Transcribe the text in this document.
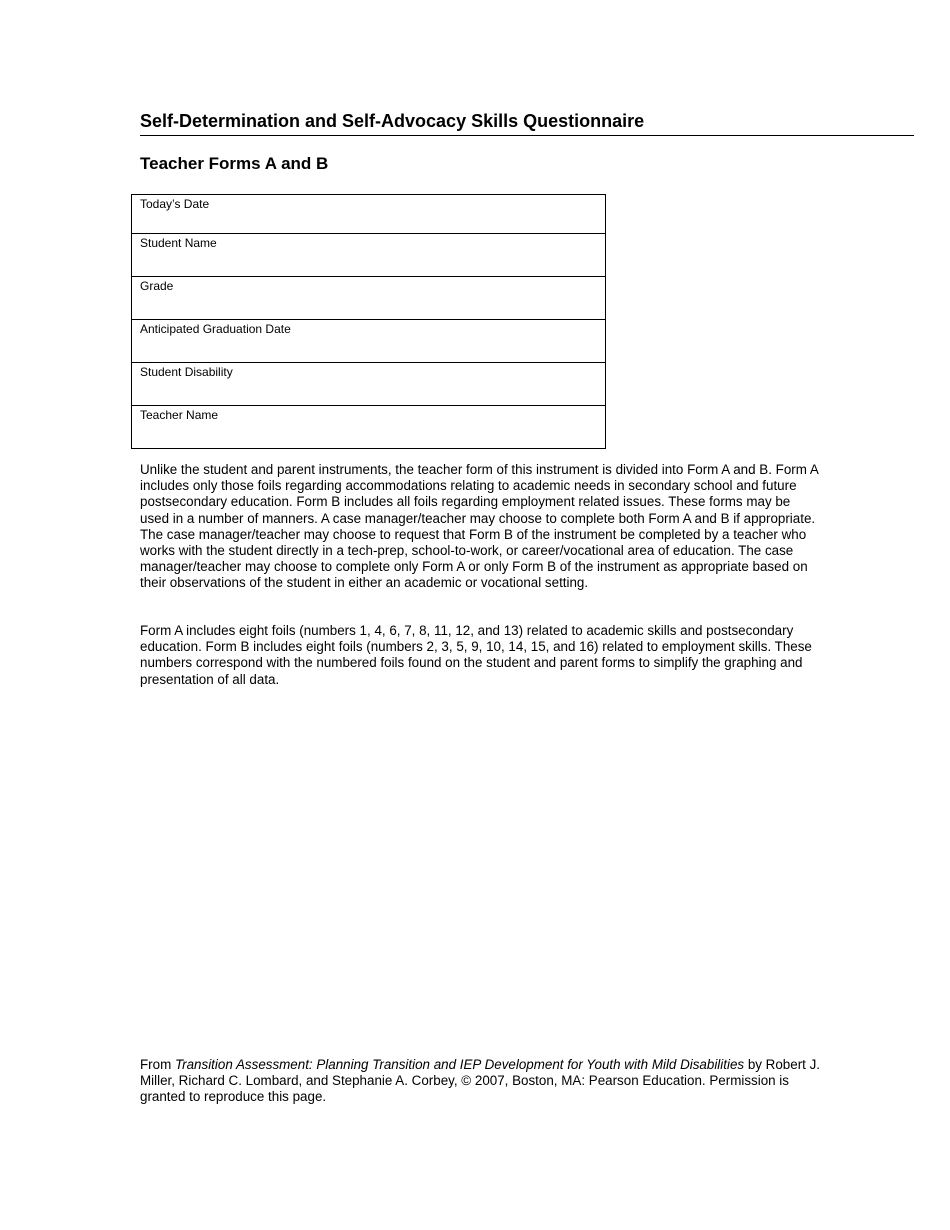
Self-Determination and Self-Advocacy Skills Questionnaire
Teacher Forms A and B
Today’s Date
Student Name
Grade
Anticipated Graduation Date
Student Disability
Teacher Name

Unlike the student and parent instruments, the teacher form of this instrument is divided into Form A and B. Form A includes only those foils regarding accommodations relating to academic needs in secondary school and future postsecondary education. Form B includes all foils regarding employment related issues. These forms may be used in a number of manners. A case manager/teacher may choose to complete both Form A and B if appropriate. The case manager/teacher may choose to request that Form B of the instrument be completed by a teacher who works with the student directly in a tech-prep, school-to-work, or career/vocational area of education. The case manager/teacher may choose to complete only Form A or only Form B of the instrument as appropriate based on their observations of the student in either an academic or vocational setting.

Form A includes eight foils (numbers 1, 4, 6, 7, 8, 11, 12, and 13) related to academic skills and postsecondary education. Form B includes eight foils (numbers 2, 3, 5, 9, 10, 14, 15, and 16) related to employment skills. These numbers correspond with the numbered foils found on the student and parent forms to simplify the graphing and presentation of all data.

From Transition Assessment: Planning Transition and IEP Development for Youth with Mild Disabilities by Robert J. Miller, Richard C. Lombard, and Stephanie A. Corbey, © 2007, Boston, MA: Pearson Education. Permission is granted to reproduce this page.
